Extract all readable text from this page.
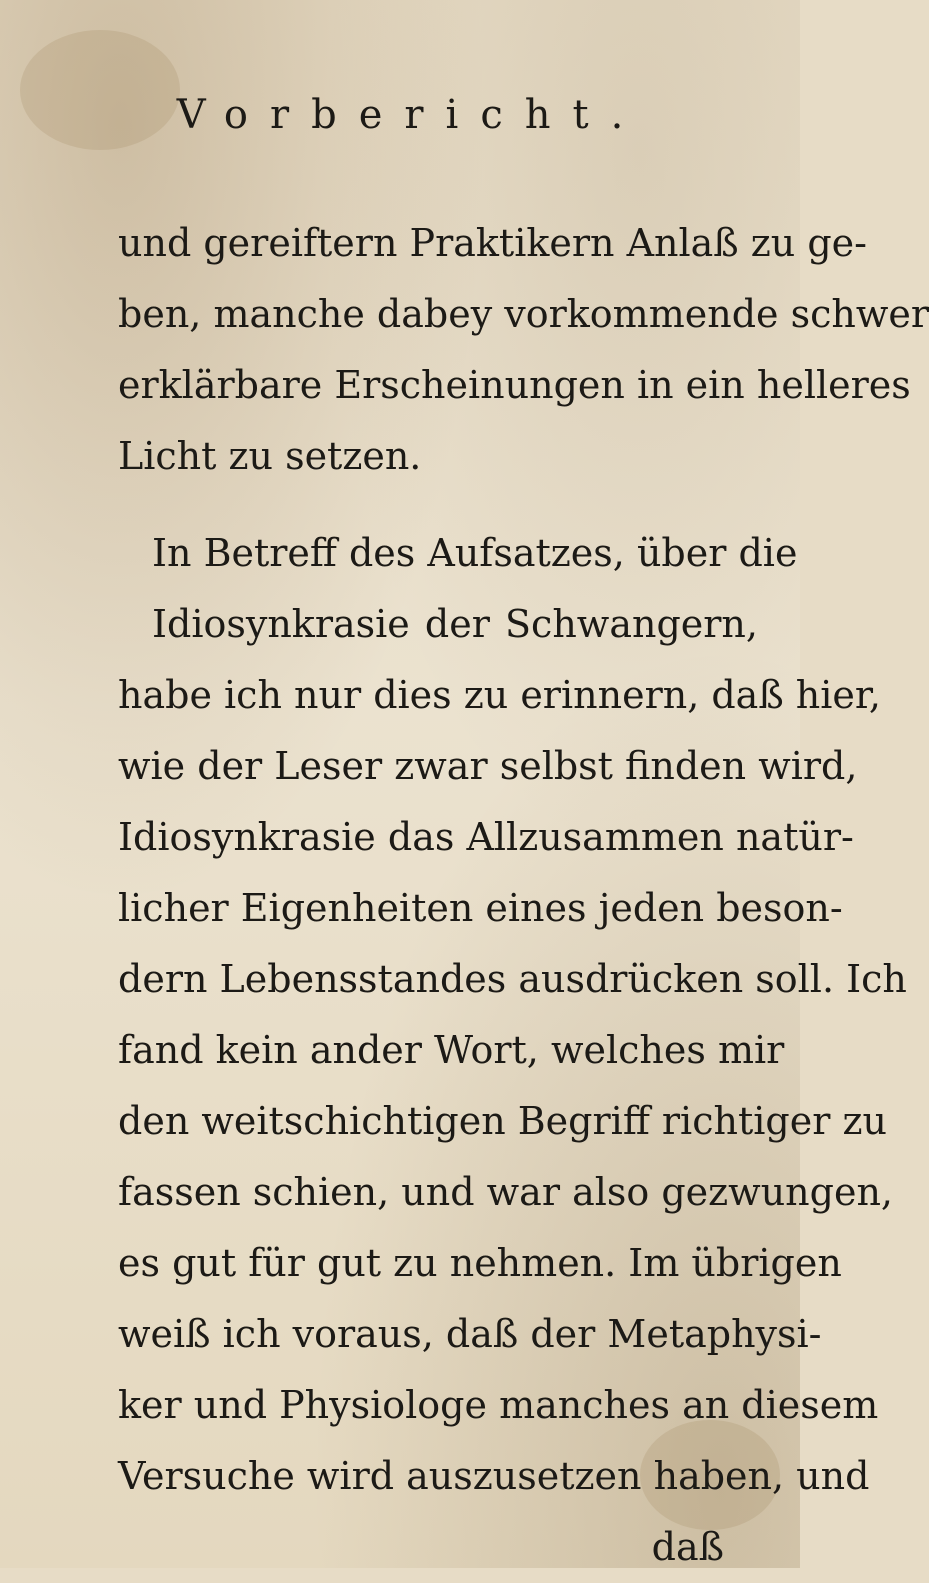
Vorbericht.
und gereiftern Praktikern Anlaß zu ge-
ben, manche dabey vorkommende schwer
erklärbare Erscheinungen in ein helleres
Licht zu setzen.
In Betreff des Aufsatzes, über die
Idiosynkrasie der Schwangern,
habe ich nur dies zu erinnern, daß hier,
wie der Leser zwar selbst finden wird,
Idiosynkrasie das Allzusammen natür-
licher Eigenheiten eines jeden beson-
dern Lebensstandes ausdrücken soll. Ich
fand kein ander Wort, welches mir
den weitschichtigen Begriff richtiger zu
fassen schien, und war also gezwungen,
es gut für gut zu nehmen. Im übrigen
weiß ich voraus, daß der Metaphysi-
ker und Physiologe manches an diesem
Versuche wird auszusetzen haben, und
daß
